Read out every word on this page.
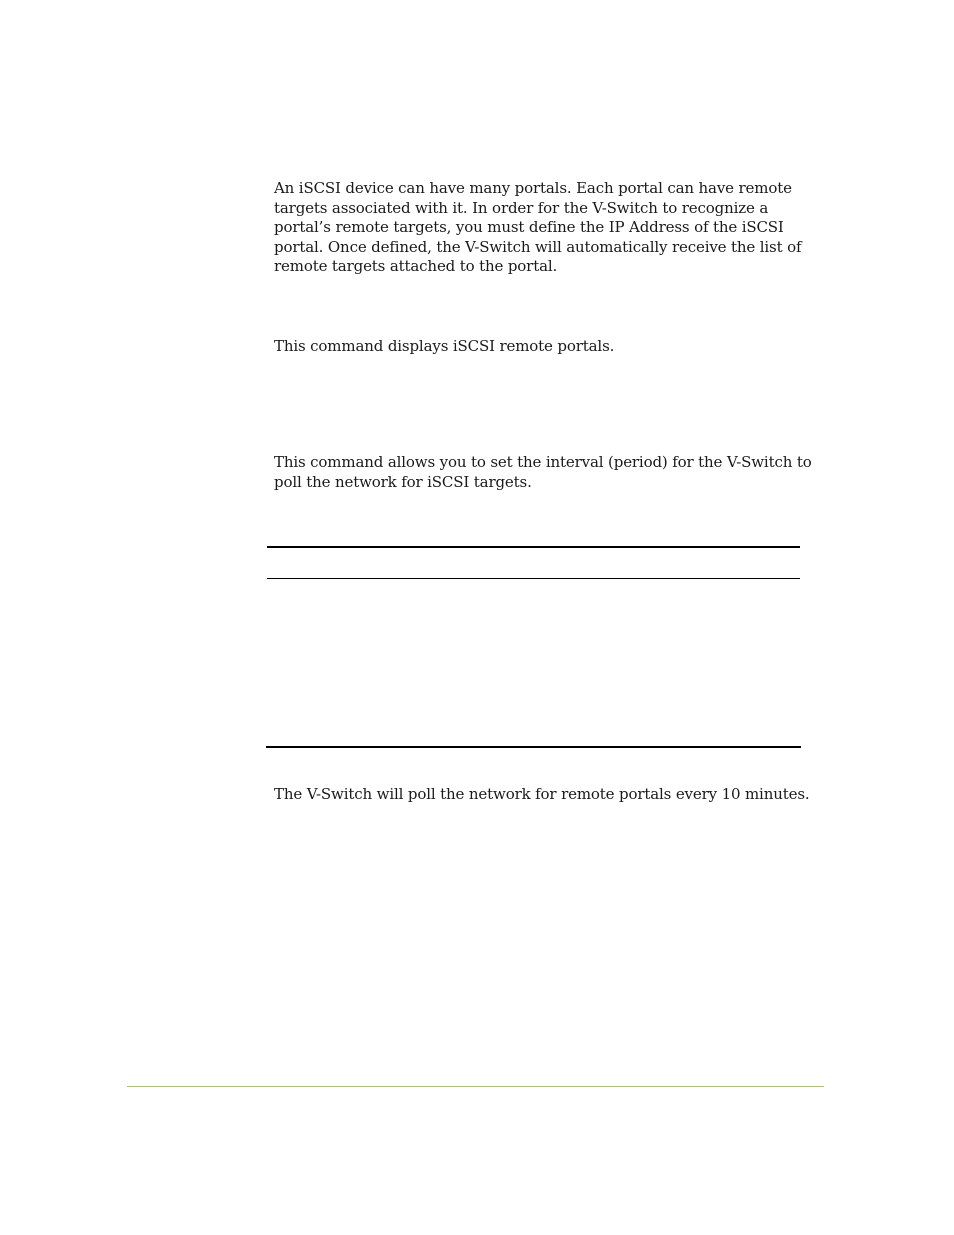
An iSCSI device can have many portals. Each portal can have remote targets associated with it. In order for the V-Switch to recognize a portal’s remote targets, you must define the IP Address of the iSCSI portal. Once defined, the V-Switch will automatically receive the list of remote targets attached to the portal.

This command displays iSCSI remote portals.

This command allows you to set the interval (period) for the V-Switch to poll the network for iSCSI targets.

The V-Switch will poll the network for remote portals every 10 minutes.
